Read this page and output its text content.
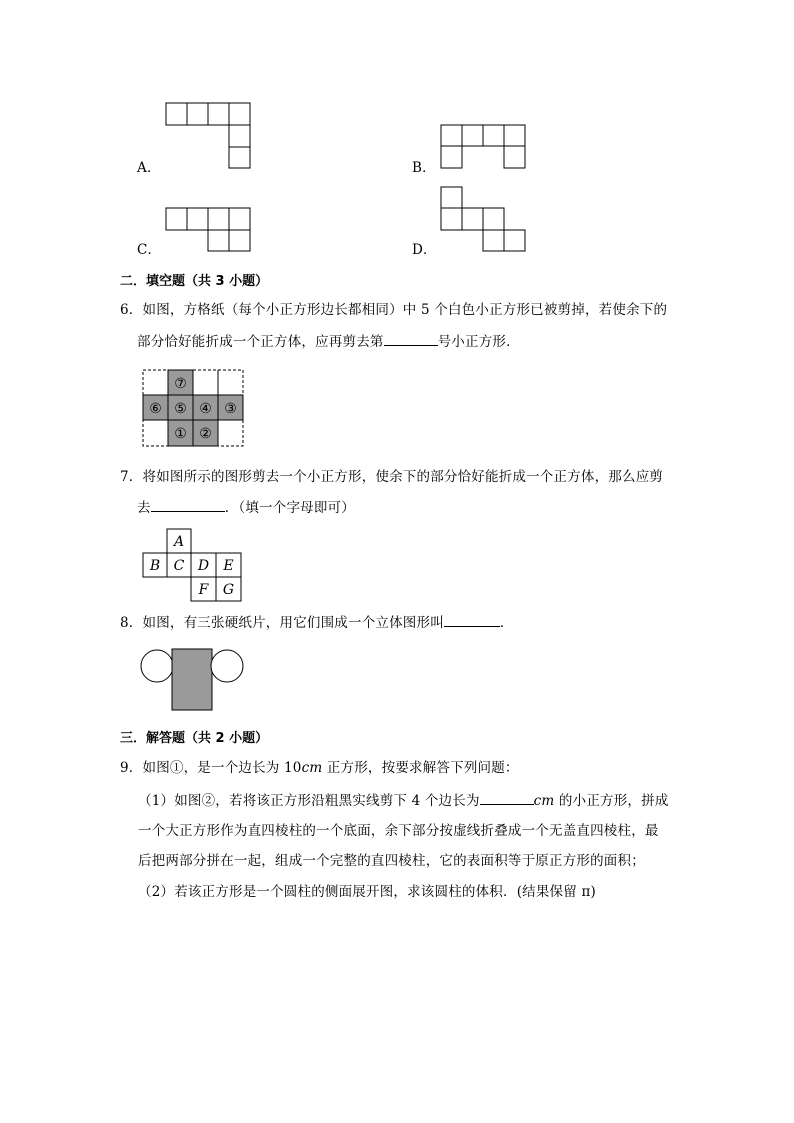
A．	B．
C．	D．
二．填空题（共 3 小题）
6．如图，方格纸（每个小正方形边长都相同）中 5 个白色小正方形已被剪掉，若使余下的
部分恰好能折成一个正方体，应再剪去第	号小正方形．
⑦
⑥ ⑤ ④ ③
① ②
7．将如图所示的图形剪去一个小正方形，使余下的部分恰好能折成一个正方体，那么应剪
去	．（填一个字母即可）
A
B C D E
F G
8．如图，有三张硬纸片，用它们围成一个立体图形叫	．
三．解答题（共 2 小题）
9．如图①，是一个边长为 10cm 正方形，按要求解答下列问题：
（1）如图②，若将该正方形沿粗黑实线剪下 4 个边长为	cm 的小正方形，拼成
一个大正方形作为直四棱柱的一个底面，余下部分按虚线折叠成一个无盖直四棱柱，最
后把两部分拼在一起，组成一个完整的直四棱柱，它的表面积等于原正方形的面积；
（2）若该正方形是一个圆柱的侧面展开图，求该圆柱的体积．(结果保留 π)
